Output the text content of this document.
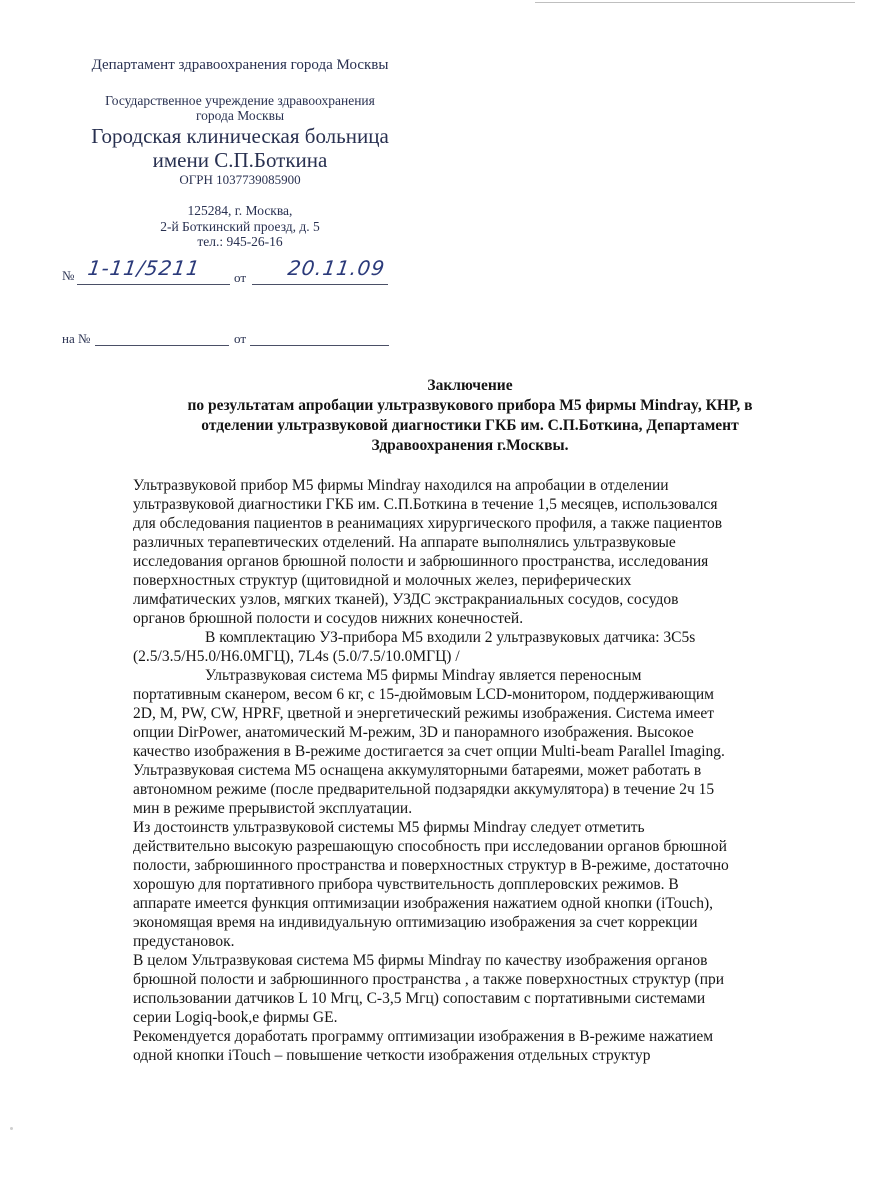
Департамент здравоохранения города Москвы
Государственное учреждение здравоохранения
города Москвы
Городская клиническая больница
имени С.П.Боткина
ОГРН 1037739085900
125284, г. Москва,
2-й Боткинский проезд, д. 5
тел.: 945-26-16
№ 1-11/5211 от 20.11.09
на №	от
Заключение
по результатам апробации ультразвукового прибора М5 фирмы Mindray, КНР, в
отделении ультразвуковой диагностики ГКБ им. С.П.Боткина, Департамент
Здравоохранения г.Москвы.
Ультразвуковой прибор М5 фирмы Mindray находился на апробации в отделении
ультразвуковой диагностики ГКБ им. С.П.Боткина в течение 1,5 месяцев, использовался
для обследования пациентов в реанимациях хирургического профиля, а также пациентов
различных терапевтических отделений. На аппарате выполнялись ультразвуковые
исследования органов брюшной полости и забрюшинного пространства, исследования
поверхностных структур (щитовидной и молочных желез, периферических
лимфатических узлов, мягких тканей), УЗДС экстракраниальных сосудов, сосудов
органов брюшной полости и сосудов нижних конечностей.
В комплектацию УЗ-прибора М5 входили 2 ультразвуковых датчика: 3C5s
(2.5/3.5/H5.0/H6.0МГЦ), 7L4s (5.0/7.5/10.0МГЦ) /
Ультразвуковая система М5 фирмы Mindray является переносным
портативным сканером, весом 6 кг, с 15-дюймовым LCD-монитором, поддерживающим
2D, M, PW, CW, HPRF, цветной и энергетический режимы изображения. Система имеет
опции DirPower, анатомический М-режим, 3D и панорамного изображения. Высокое
качество изображения в В-режиме достигается за счет опции Multi-beam Parallel Imaging.
Ультразвуковая система М5 оснащена аккумуляторными батареями, может работать в
автономном режиме (после предварительной подзарядки аккумулятора) в течение 2ч 15
мин в режиме прерывистой эксплуатации.
Из достоинств ультразвуковой системы М5 фирмы Mindray следует отметить
действительно высокую разрешающую способность при исследовании органов брюшной
полости, забрюшинного пространства и поверхностных структур в В-режиме, достаточно
хорошую для портативного прибора чувствительность допплеровских режимов. В
аппарате имеется функция оптимизации изображения нажатием одной кнопки (iTouch),
экономящая время на индивидуальную оптимизацию изображения за счет коррекции
предустановок.
В целом Ультразвуковая система М5 фирмы Mindray по качеству изображения органов
брюшной полости и забрюшинного пространства , а также поверхностных структур (при
использовании датчиков L 10 Мгц, С-3,5 Мгц) сопоставим с портативными системами
серии Logiq-book,e фирмы GE.
Рекомендуется доработать программу оптимизации изображения в В-режиме нажатием
одной кнопки iTouch – повышение четкости изображения отдельных структур
